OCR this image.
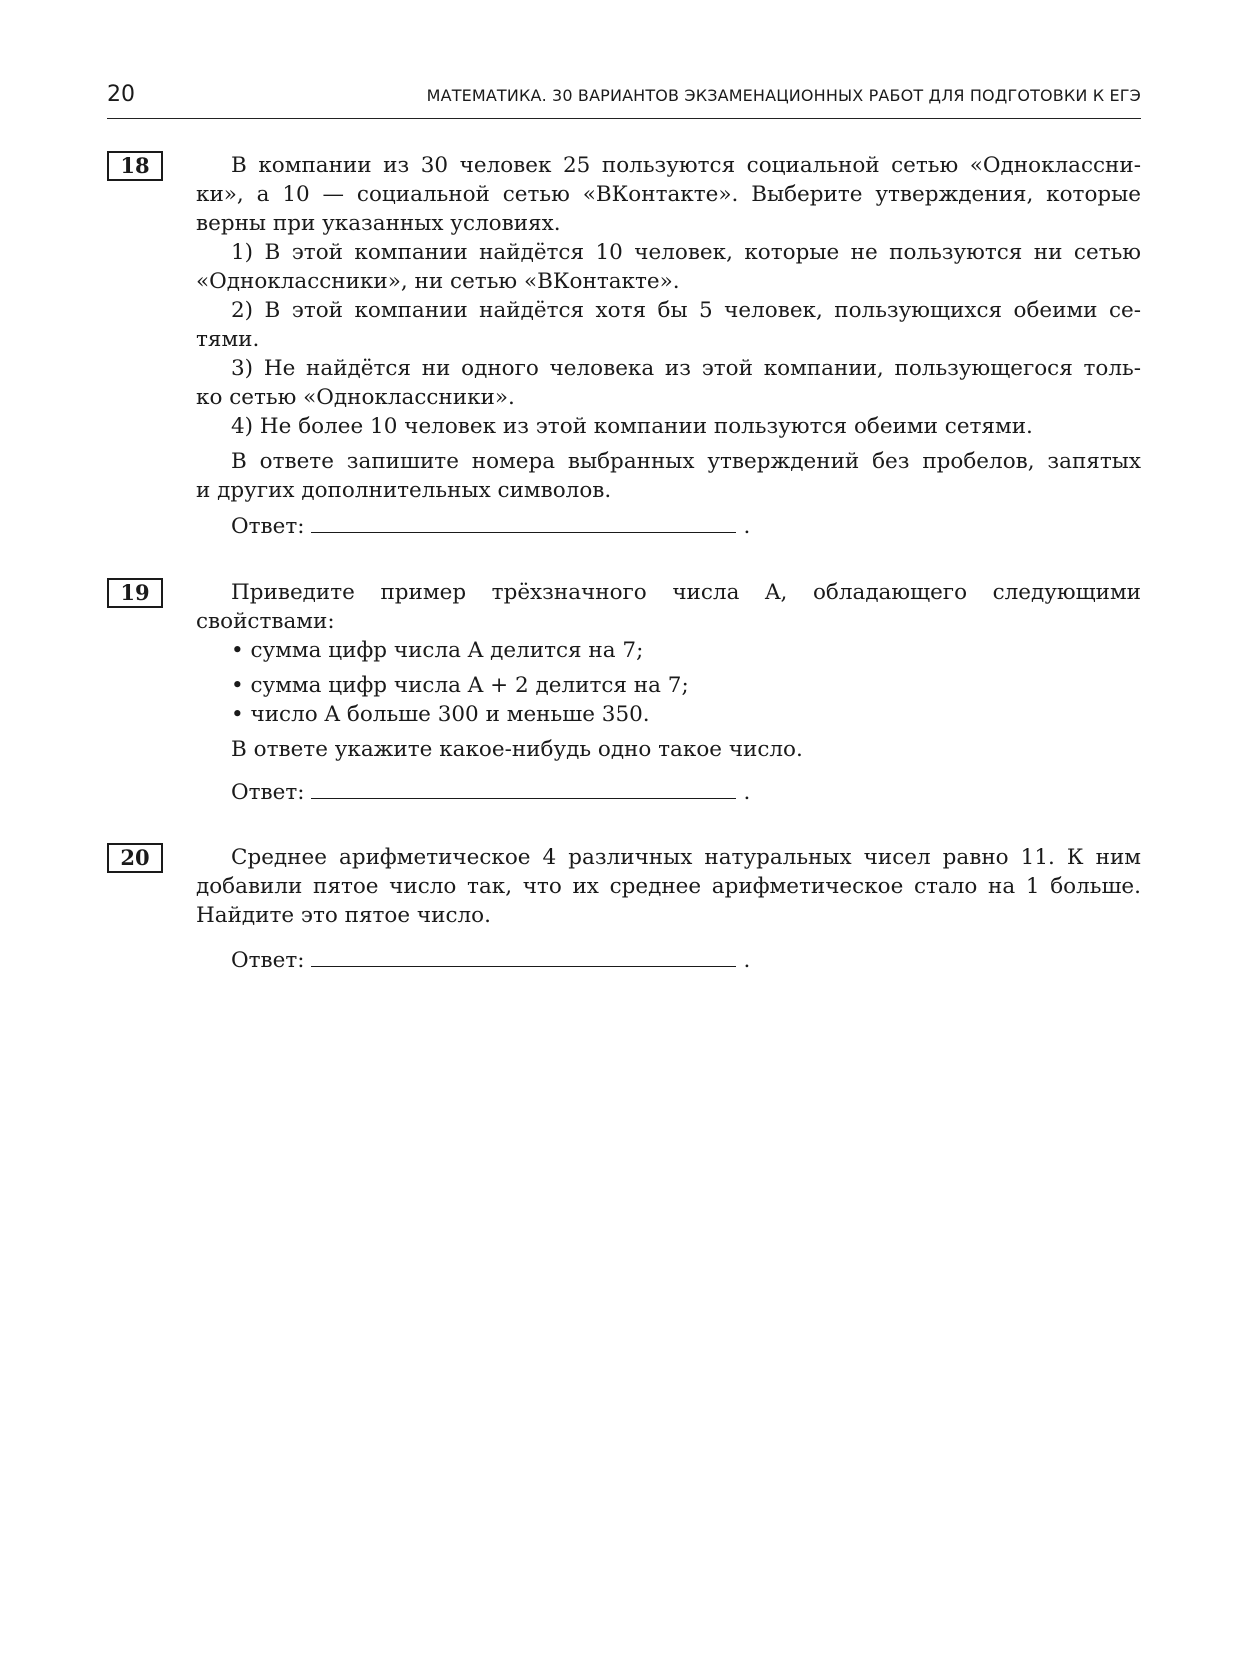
20	МАТЕМАТИКА. 30 ВАРИАНТОВ ЭКЗАМЕНАЦИОННЫХ РАБОТ ДЛЯ ПОДГОТОВКИ К ЕГЭ
18	В компании из 30 человек 25 пользуются социальной сетью «Одноклассни-

ки», а 10 — социальной сетью «ВКонтакте». Выберите утверждения, которые

верны при указанных условиях.

1) В этой компании найдётся 10 человек, которые не пользуются ни сетью

«Одноклассники», ни сетью «ВКонтакте».

2) В этой компании найдётся хотя бы 5 человек, пользующихся обеими се-

тями.

3) Не найдётся ни одного человека из этой компании, пользующегося толь-

ко сетью «Одноклассники».

4) Не более 10 человек из этой компании пользуются обеими сетями.

В ответе запишите номера выбранных утверждений без пробелов, запятых

и других дополнительных символов.

Ответ:	.
19	Приведите пример трёхзначного числа A, обладающего следующими

свойствами:

• сумма цифр числа A делится на 7;

• сумма цифр числа A + 2 делится на 7;

• число A больше 300 и меньше 350.

В ответе укажите какое-нибудь одно такое число.

Ответ:	.
20	Среднее арифметическое 4 различных натуральных чисел равно 11. К ним

добавили пятое число так, что их среднее арифметическое стало на 1 больше.

Найдите это пятое число.

Ответ:	.
